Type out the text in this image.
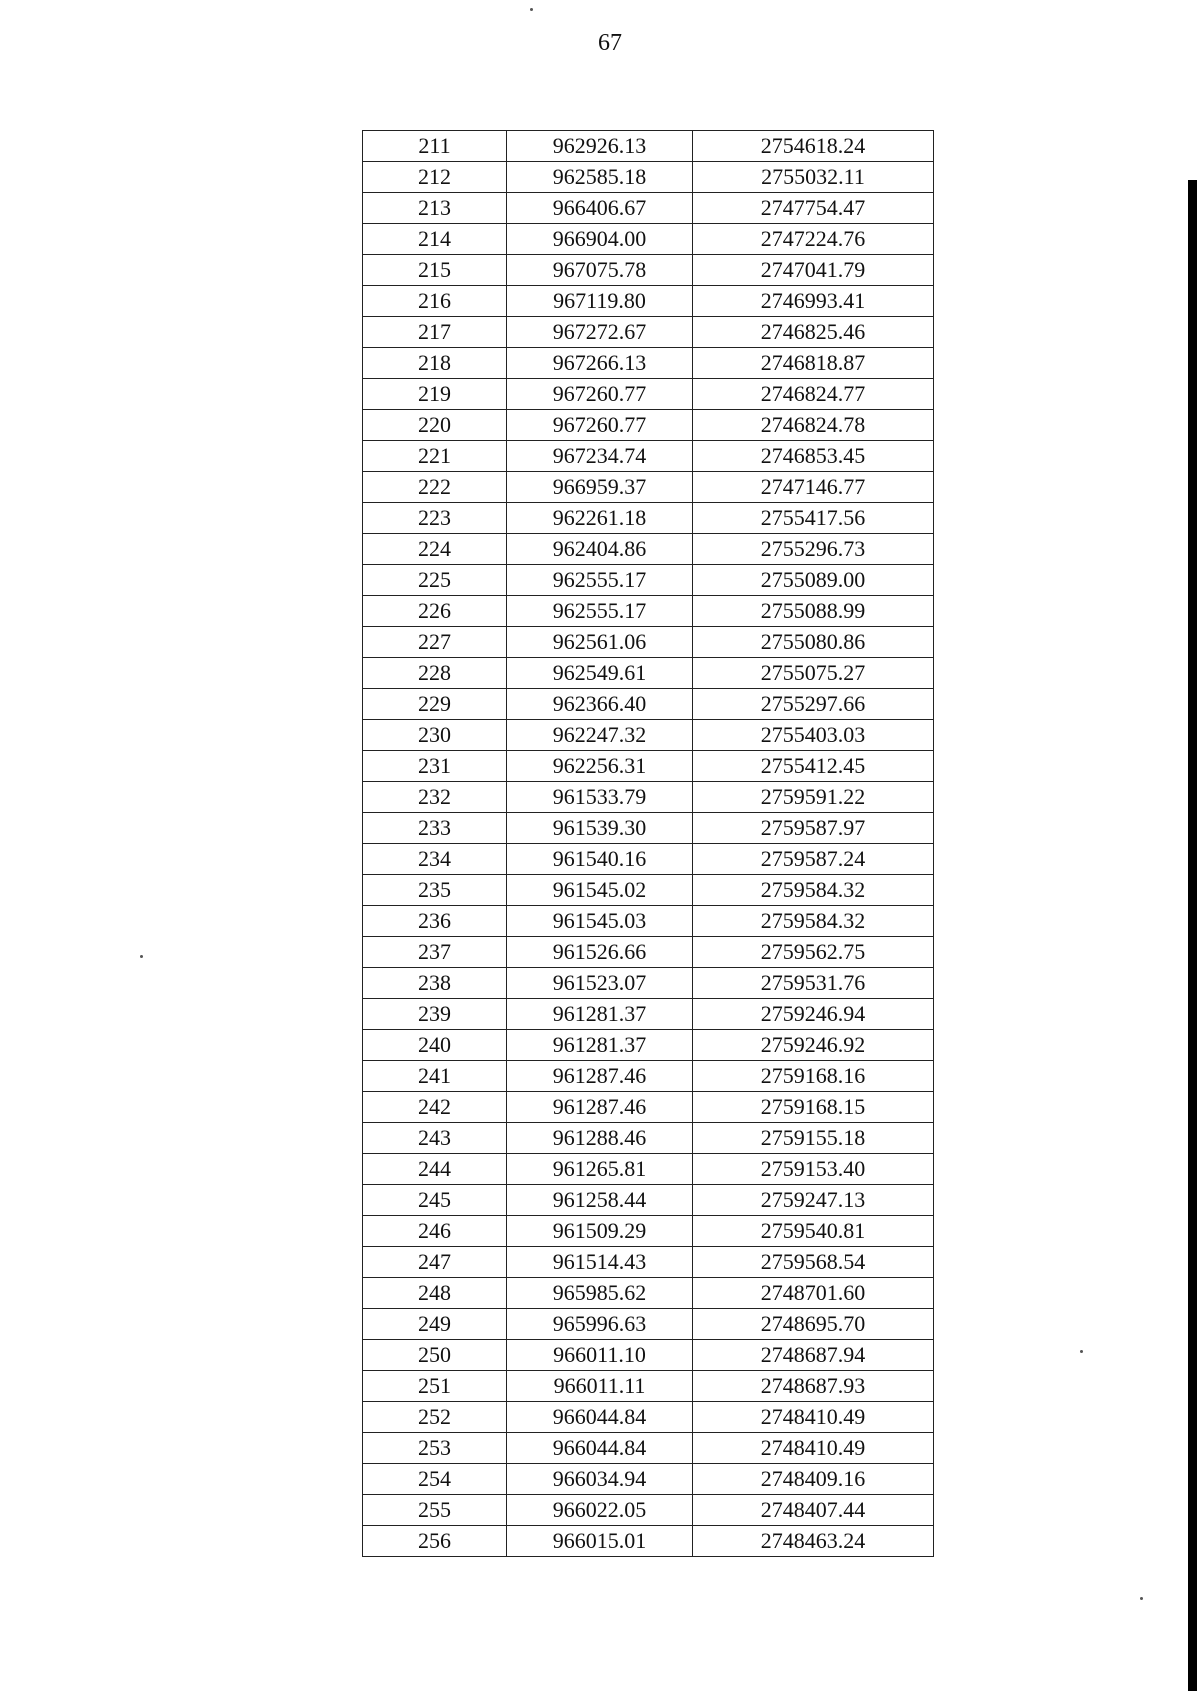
67
211	962926.13	2754618.24
212	962585.18	2755032.11
213	966406.67	2747754.47
214	966904.00	2747224.76
215	967075.78	2747041.79
216	967119.80	2746993.41
217	967272.67	2746825.46
218	967266.13	2746818.87
219	967260.77	2746824.77
220	967260.77	2746824.78
221	967234.74	2746853.45
222	966959.37	2747146.77
223	962261.18	2755417.56
224	962404.86	2755296.73
225	962555.17	2755089.00
226	962555.17	2755088.99
227	962561.06	2755080.86
228	962549.61	2755075.27
229	962366.40	2755297.66
230	962247.32	2755403.03
231	962256.31	2755412.45
232	961533.79	2759591.22
233	961539.30	2759587.97
234	961540.16	2759587.24
235	961545.02	2759584.32
236	961545.03	2759584.32
237	961526.66	2759562.75
238	961523.07	2759531.76
239	961281.37	2759246.94
240	961281.37	2759246.92
241	961287.46	2759168.16
242	961287.46	2759168.15
243	961288.46	2759155.18
244	961265.81	2759153.40
245	961258.44	2759247.13
246	961509.29	2759540.81
247	961514.43	2759568.54
248	965985.62	2748701.60
249	965996.63	2748695.70
250	966011.10	2748687.94
251	966011.11	2748687.93
252	966044.84	2748410.49
253	966044.84	2748410.49
254	966034.94	2748409.16
255	966022.05	2748407.44
256	966015.01	2748463.24
